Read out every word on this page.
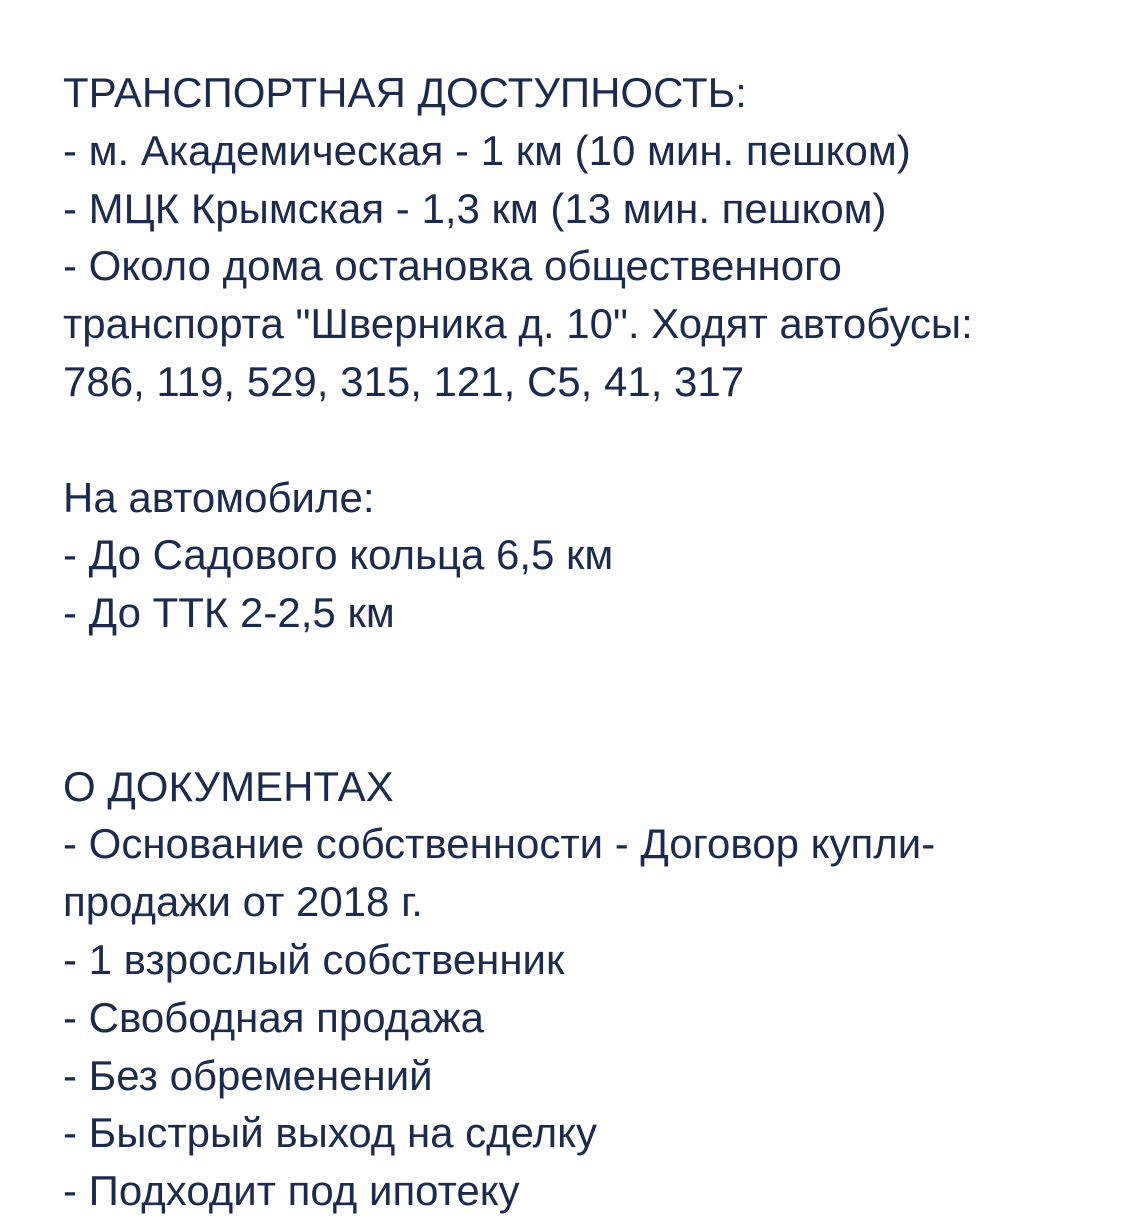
ТРАНСПОРТНАЯ ДОСТУПНОСТЬ:
- м. Академическая - 1 км (10 мин. пешком)
- МЦК Крымская - 1,3 км (13 мин. пешком)
- Около дома остановка общественного
транспорта "Шверника д. 10". Ходят автобусы:
786, 119, 529, 315, 121, С5, 41, 317
На автомобиле:
- До Садового кольца 6,5 км
- До ТТК 2-2,5 км
О ДОКУМЕНТАХ
- Основание собственности - Договор купли-
продажи от 2018 г.
- 1 взрослый собственник
- Свободная продажа
- Без обременений
- Быстрый выход на сделку
- Подходит под ипотеку
